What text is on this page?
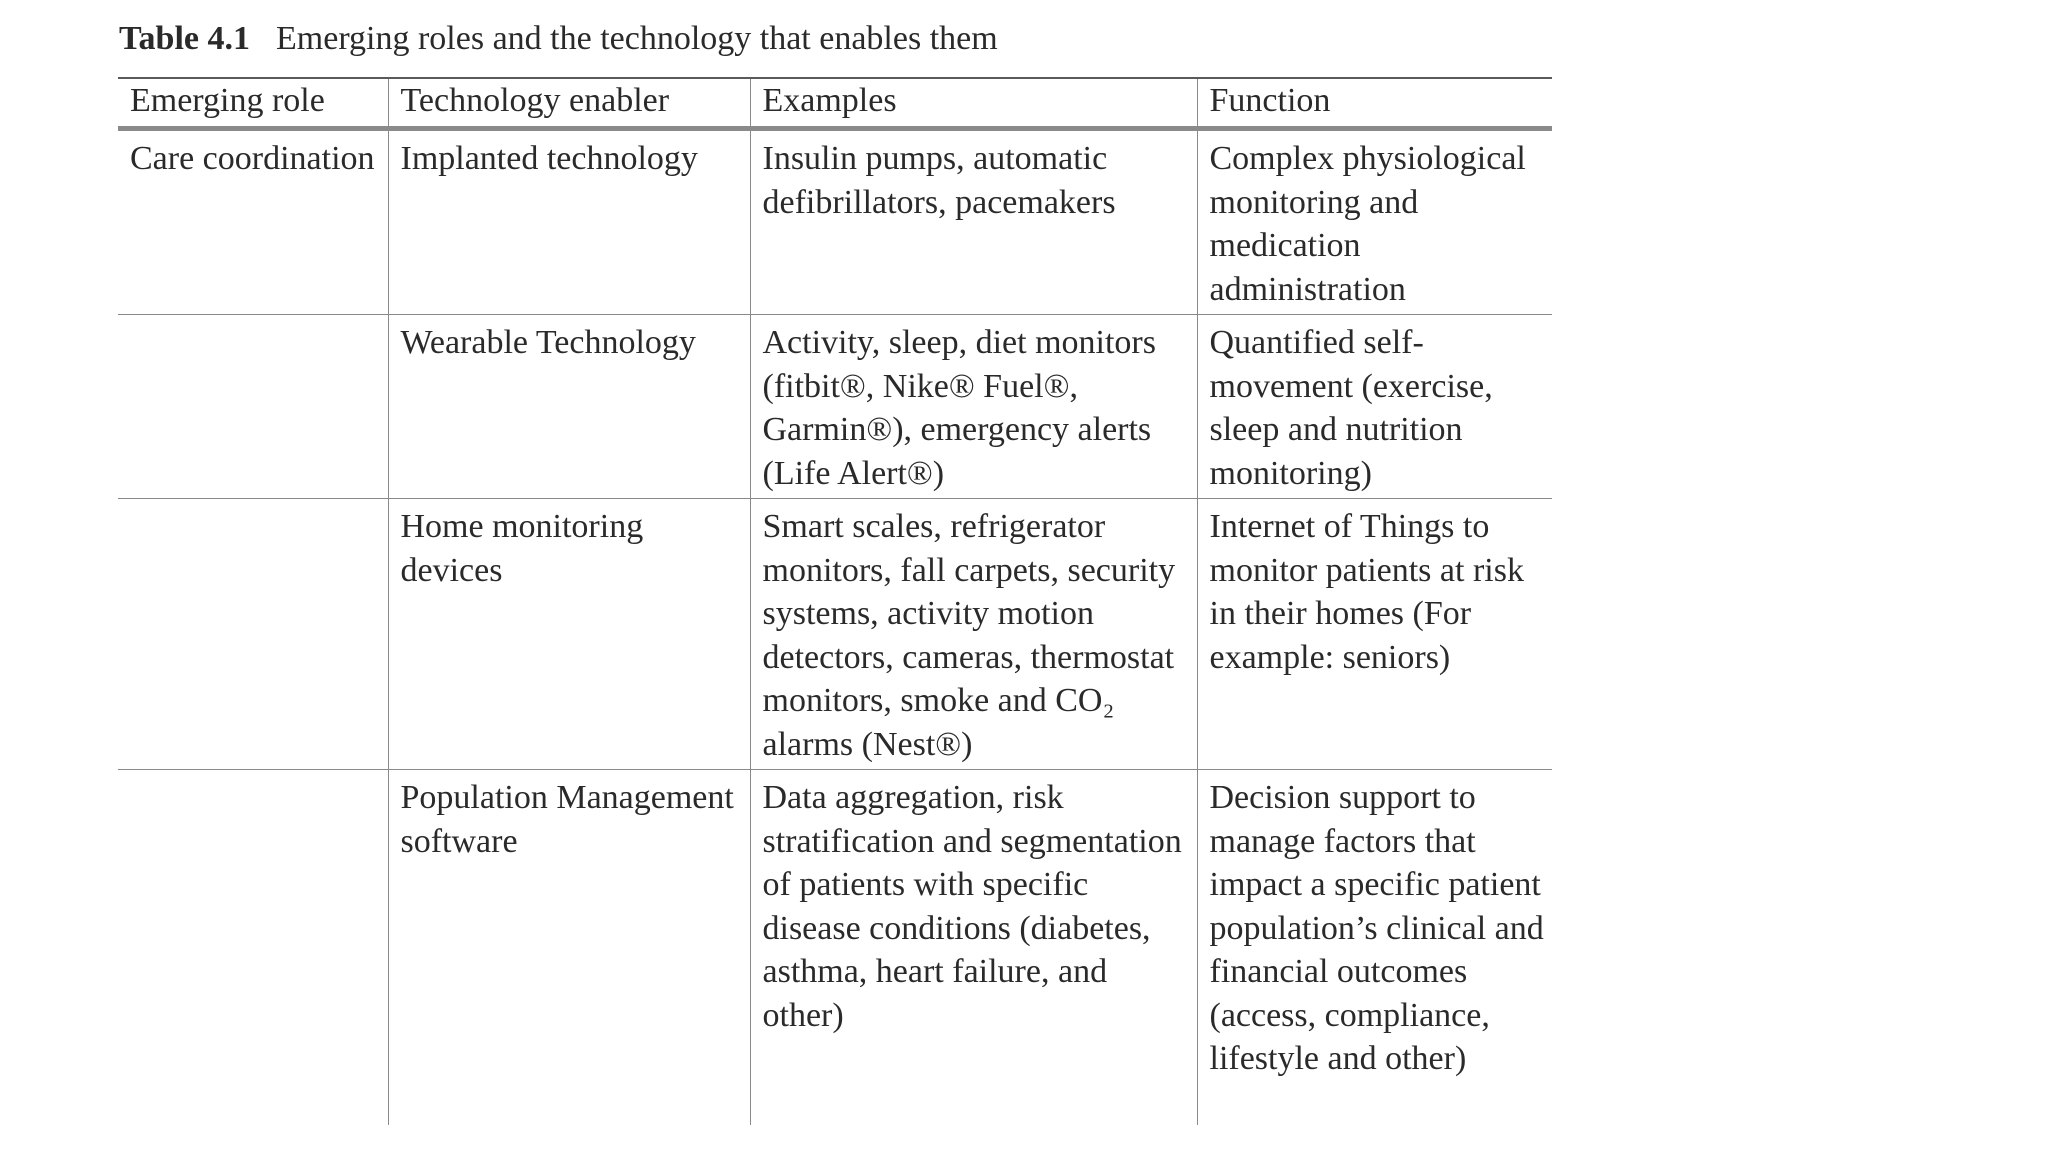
Table 4.1 Emerging roles and the technology that enables them
Emerging role	Technology enabler	Examples	Function
Care coordination	Implanted technology	Insulin pumps, automatic defibrillators, pacemakers	Complex physiological monitoring and medication administration
	Wearable Technology	Activity, sleep, diet monitors (fitbit®, Nike® Fuel®, Garmin®), emergency alerts (Life Alert®)	Quantified self-movement (exercise, sleep and nutrition monitoring)
	Home monitoring devices	Smart scales, refrigerator monitors, fall carpets, security systems, activity motion detectors, cameras, thermostat monitors, smoke and CO₂ alarms (Nest®)	Internet of Things to monitor patients at risk in their homes (For example: seniors)
	Population Management software	Data aggregation, risk stratification and segmentation of patients with specific disease conditions (diabetes, asthma, heart failure, and other)	Decision support to manage factors that impact a specific patient population’s clinical and financial outcomes (access, compliance, lifestyle and other)
